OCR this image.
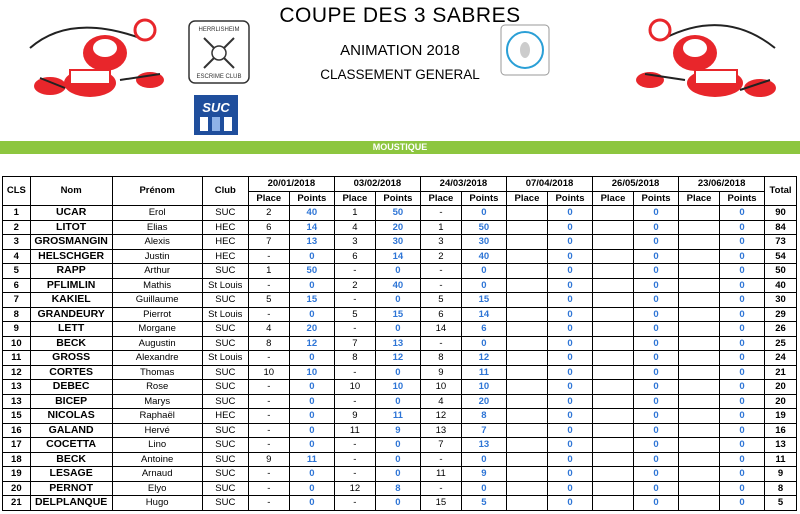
HERRLISHEIM
ESCRIME CLUB
SUC
COUPE DES 3 SABRES
ANIMATION 2018
CLASSEMENT GENERAL
MOUSTIQUE
CLS	Nom	Prénom	Club	20/01/2018		03/02/2018		24/03/2018		07/04/2018		26/05/2018		23/06/2018		Total
				Place	Points	Place	Points	Place	Points	Place	Points	Place	Points	Place	Points	
1	UCAR	Erol	SUC	2	40	1	50	-	0		0		0		0	90
2	LITOT	Elias	HEC	6	14	4	20	1	50		0		0		0	84
3	GROSMANGIN	Alexis	HEC	7	13	3	30	3	30		0		0		0	73
4	HELSCHGER	Justin	HEC	-	0	6	14	2	40		0		0		0	54
5	RAPP	Arthur	SUC	1	50	-	0	-	0		0		0		0	50
6	PFLIMLIN	Mathis	St Louis	-	0	2	40	-	0		0		0		0	40
7	KAKIEL	Guillaume	SUC	5	15	-	0	5	15		0		0		0	30
8	GRANDEURY	Pierrot	St Louis	-	0	5	15	6	14		0		0		0	29
9	LETT	Morgane	SUC	4	20	-	0	14	6		0		0		0	26
10	BECK	Augustin	SUC	8	12	7	13	-	0		0		0		0	25
11	GROSS	Alexandre	St Louis	-	0	8	12	8	12		0		0		0	24
12	CORTES	Thomas	SUC	10	10	-	0	9	11		0		0		0	21
13	DEBEC	Rose	SUC	-	0	10	10	10	10		0		0		0	20
13	BICEP	Marys	SUC	-	0	-	0	4	20		0		0		0	20
15	NICOLAS	Raphaël	HEC	-	0	9	11	12	8		0		0		0	19
16	GALAND	Hervé	SUC	-	0	11	9	13	7		0		0		0	16
17	COCETTA	Lino	SUC	-	0	-	0	7	13		0		0		0	13
18	BECK	Antoine	SUC	9	11	-	0	-	0		0		0		0	11
19	LESAGE	Arnaud	SUC	-	0	-	0	11	9		0		0		0	9
20	PERNOT	Elyo	SUC	-	0	12	8	-	0		0		0		0	8
21	DELPLANQUE	Hugo	SUC	-	0	-	0	15	5		0		0		0	5
